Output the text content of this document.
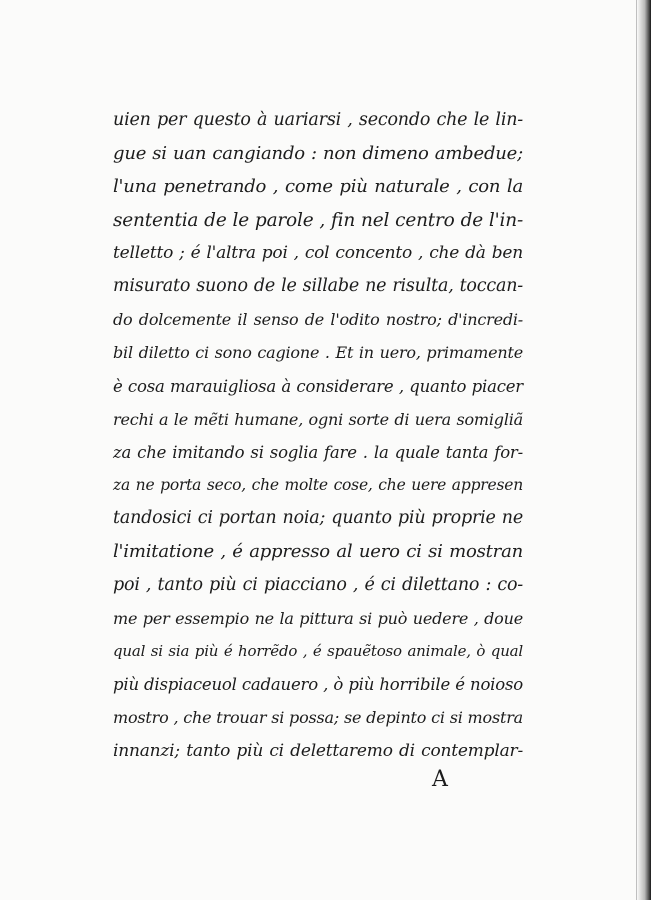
uien per questo à uariarsi , secondo che le lin-
gue si uan cangiando : non dimeno ambedue;
l'una penetrando , come più naturale , con la
sententia de le parole , fin nel centro de l'in-
telletto ; é l'altra poi , col concento , che dà ben
misurato suono de le sillabe ne risulta, toccan-
do dolcemente il senso de l'odito nostro; d'incredi-
bil diletto ci sono cagione . Et in uero, primamente
è cosa marauigliosa à considerare , quanto piacer
rechi a le mẽti humane, ogni sorte di uera somigliã
za che imitando si soglia fare . la quale tanta for-
za ne porta seco, che molte cose, che uere appresen
tandosici ci portan noia; quanto più proprie ne
l'imitatione , é appresso al uero ci si mostran
poi , tanto più ci piacciano , é ci dilettano : co-
me per essempio ne la pittura si può uedere , doue
qual si sia più é horrẽdo , é spauẽtoso animale, ò qual
più dispiaceuol cadauero , ò più horribile é noioso
mostro , che trouar si possa; se depinto ci si mostra
innanzi; tanto più ci delettaremo di contemplar-
A
